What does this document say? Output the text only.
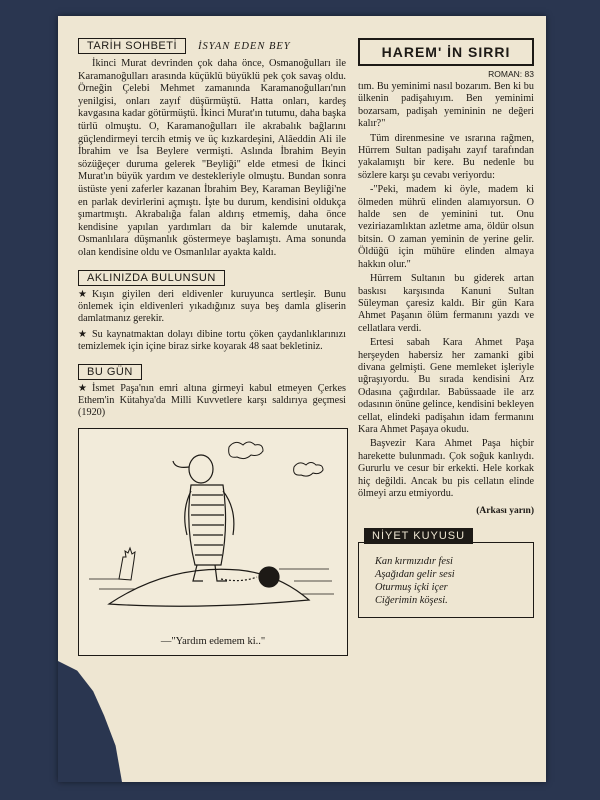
TARİH SOHBETİ	İSYAN EDEN BEY

İkinci Murat devrinden çok daha önce, Osmanoğulları ile Karamanoğulları arasında küçüklü büyüklü pek çok savaş oldu. Örneğin Çelebi Mehmet zamanında Karamanoğulları'nın yenilgisi, onları zayıf düşürmüştü. Hatta onları, kardeş kavgasına kadar götürmüştü. İkinci Murat'ın tutumu, daha başka türlü olmuştu. O, Karamanoğulları ile akrabalık bağlarını güçlendirmeyi tercih etmiş ve üç kızkardeşini, Alâeddin Ali ile İbrahim ve İsa Beylere vermişti. Aslında İbrahim Beyin sözüğeçer duruma gelerek "Beyliği" elde etmesi de İkinci Murat'ın büyük yardım ve destekleriyle olmuştu. Bundan sonra üstüste yeni zaferler kazanan İbrahim Bey, Karaman Beyliği'ne en parlak devirlerini açmıştı. İşte bu durum, kendisini oldukça şımartmıştı. Akrabalığa falan aldırış etmemiş, daha önce kendisine yapılan yardımları da bir kalemde unutarak, Osmanlılara düşmanlık göstermeye başlamıştı. Ama sonunda olan kendisine oldu ve Osmanlılar ayakta kaldı.

AKLINIZDA BULUNSUN

★ Kışın giyilen deri eldivenler kuruyunca sertleşir. Bunu önlemek için eldivenleri yıkadığınız suya beş damla gliserin damlatmanız gerekir.

★ Su kaynatmaktan dolayı dibine tortu çöken çaydanlıklarınızı temizlemek için içine biraz sirke koyarak 48 saat bekletiniz.

BU GÜN

★ İsmet Paşa'nın emri altına girmeyi kabul etmeyen Çerkes Ethem'in Kütahya'da Milli Kuvvetlere karşı saldırıya geçmesi (1920)

—"Yardım edemem ki.."
HAREM' İN SIRRI
ROMAN: 83

tım. Bu yeminimi nasıl bozarım. Ben ki bu ülkenin padişahıyım. Ben yeminimi bozarsam, padişah yemininin ne değeri kalır?"

Tüm direnmesine ve ısrarına rağmen, Hürrem Sultan padişahı zayıf tarafından yakalamıştı bir kere. Bu nedenle bu sözlere karşı şu cevabı veriyordu:

-"Peki, madem ki öyle, madem ki ölmeden mührü elinden alamıyorsun. O halde sen de yeminini tut. Onu veziriazamlıktan azletme ama, öldür olsun bitsin. O zaman yeminin de yerine gelir. Öldüğü için mühüre elinden almaya hakkın olur."

Hürrem Sultanın bu giderek artan baskısı karşısında Kanuni Sultan Süleyman çaresiz kaldı. Bir gün Kara Ahmet Paşanın ölüm fermanını yazdı ve cellatlara verdi.

Ertesi sabah Kara Ahmet Paşa herşeyden habersiz her zamanki gibi divana gelmişti. Gene memleket işleriyle uğraşıyordu. Bu sırada kendisini Arz Odasına çağırdılar. Babüssaade ile arz odasının önüne gelince, kendisini bekleyen cellat, elindeki padişahın idam fermanını Kara Ahmet Paşaya okudu.

Başvezir Kara Ahmet Paşa hiçbir harekette bulunmadı. Çok soğuk kanlıydı. Gururlu ve cesur bir erkekti. Hele korkak hiç değildi. Ancak bu pis cellatın elinde ölmeyi arzu etmiyordu.

(Arkası yarın)
NİYET KUYUSU
Kan kırmızıdır fesi
Aşağıdan gelir sesi
Oturmuş içki içer
Ciğerimin köşesi.
